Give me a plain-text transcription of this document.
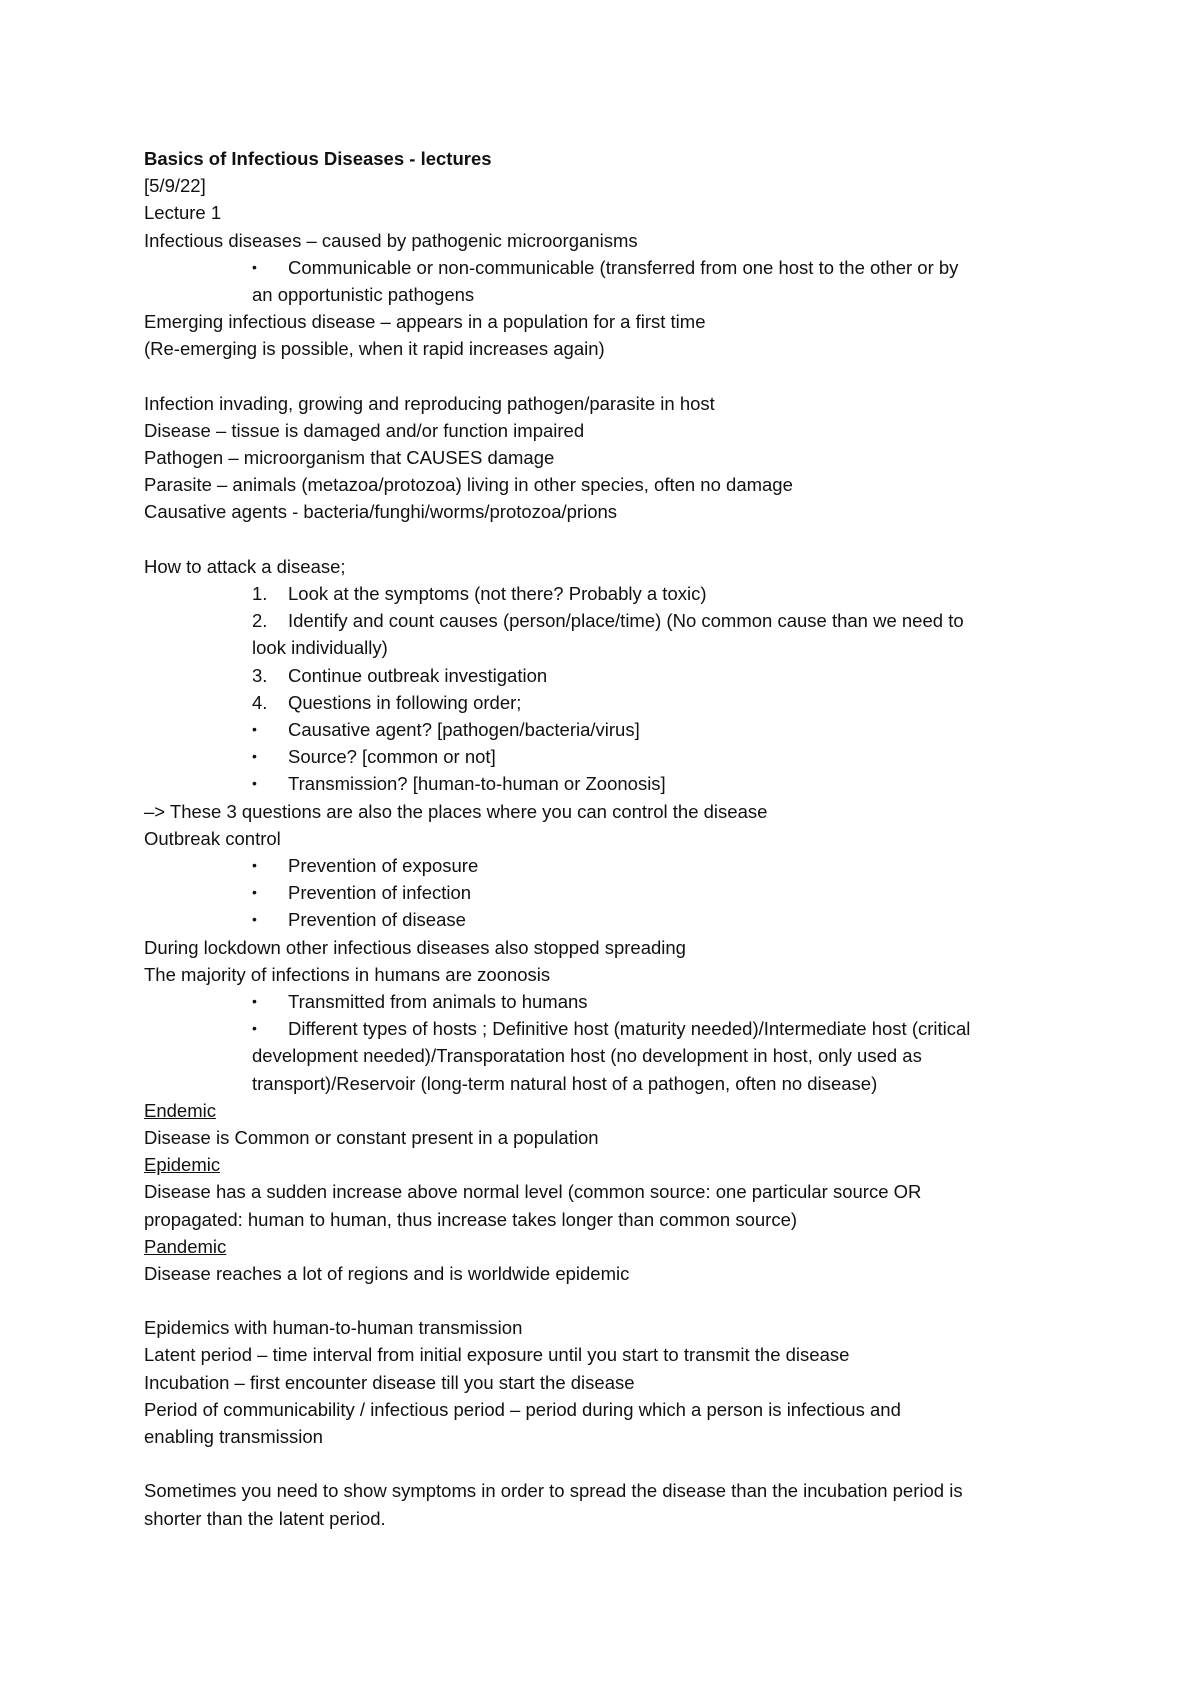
Basics of Infectious Diseases - lectures
[5/9/22]
Lecture 1
Infectious diseases – caused by pathogenic microorganisms
•	Communicable or non-communicable (transferred from one host to the other or by
an opportunistic pathogens
Emerging infectious disease – appears in a population for a first time
(Re-emerging is possible, when it rapid increases again)
Infection invading, growing and reproducing pathogen/parasite in host
Disease – tissue is damaged and/or function impaired
Pathogen – microorganism that CAUSES damage
Parasite – animals (metazoa/protozoa) living in other species, often no damage
Causative agents - bacteria/funghi/worms/protozoa/prions
How to attack a disease;
1.	Look at the symptoms (not there? Probably a toxic)
2.	Identify and count causes (person/place/time) (No common cause than we need to
look individually)
3.	Continue outbreak investigation
4.	Questions in following order;
•	Causative agent? [pathogen/bacteria/virus]
•	Source? [common or not]
•	Transmission? [human-to-human or Zoonosis]
–> These 3 questions are also the places where you can control the disease
Outbreak control
•	Prevention of exposure
•	Prevention of infection
•	Prevention of disease
During lockdown other infectious diseases also stopped spreading
The majority of infections in humans are zoonosis
•	Transmitted from animals to humans
•	Different types of hosts ; Definitive host (maturity needed)/Intermediate host (critical
development needed)/Transporatation host (no development in host, only used as
transport)/Reservoir (long-term natural host of a pathogen, often no disease)
Endemic
Disease is Common or constant present in a population
Epidemic
Disease has a sudden increase above normal level (common source: one particular source OR
propagated: human to human, thus increase takes longer than common source)
Pandemic
Disease reaches a lot of regions and is worldwide epidemic
Epidemics with human-to-human transmission
Latent period – time interval from initial exposure until you start to transmit the disease
Incubation – first encounter disease till you start the disease
Period of communicability / infectious period – period during which a person is infectious and
enabling transmission
Sometimes you need to show symptoms in order to spread the disease than the incubation period is
shorter than the latent period.
